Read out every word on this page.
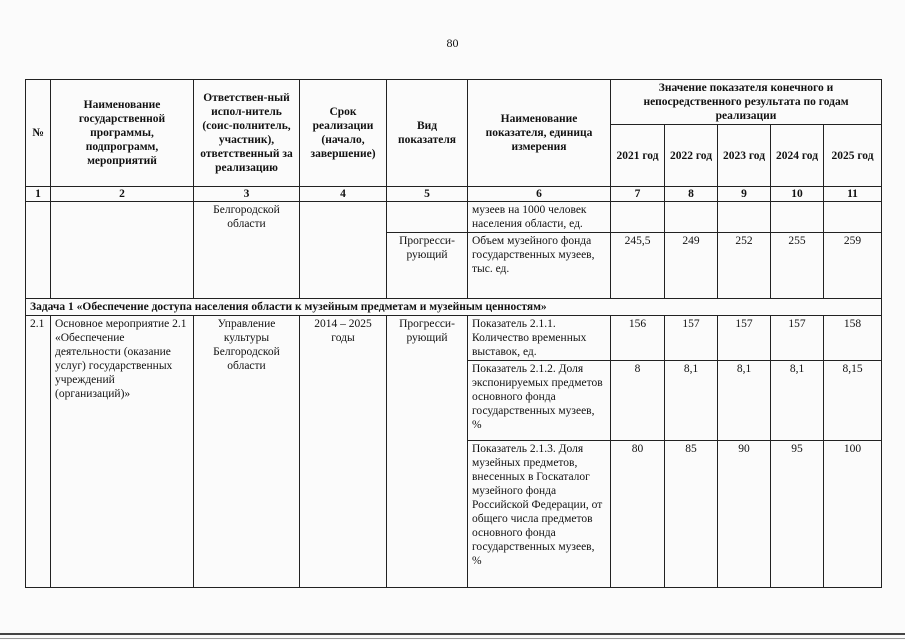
80
№	Наименование государственной программы, подпрограмм, мероприятий	Ответствен-ный испол-нитель (соис-полнитель, участник), ответственный за реализацию	Срок реализации (начало, завершение)	Вид показателя	Наименование показателя, единица измерения	Значение показателя конечного и непосредственного результата по годам реализации				
						2021 год	2022 год	2023 год	2024 год	2025 год
1	2	3	4	5	6	7	8	9	10	11
		Белгородской области			музеев на 1000 человек населения области, ед.					
				Прогресси-рующий	Объем музейного фонда государственных музеев, тыс. ед.	245,5	249	252	255	259
Задача 1 «Обеспечение доступа населения области к музейным предметам и музейным ценностям»										
2.1	Основное мероприятие 2.1 «Обеспечение деятельности (оказание услуг) государственных учреждений (организаций)»	Управление культуры Белгородской области	2014 – 2025 годы	Прогресси-рующий	Показатель 2.1.1. Количество временных выставок, ед.	156	157	157	157	158
					Показатель 2.1.2. Доля экспонируемых предметов основного фонда государственных музеев, %	8	8,1	8,1	8,1	8,15
					Показатель 2.1.3. Доля музейных предметов, внесенных в Госкаталог музейного фонда Российской Федерации, от общего числа предметов основного фонда государственных музеев, %	80	85	90	95	100
